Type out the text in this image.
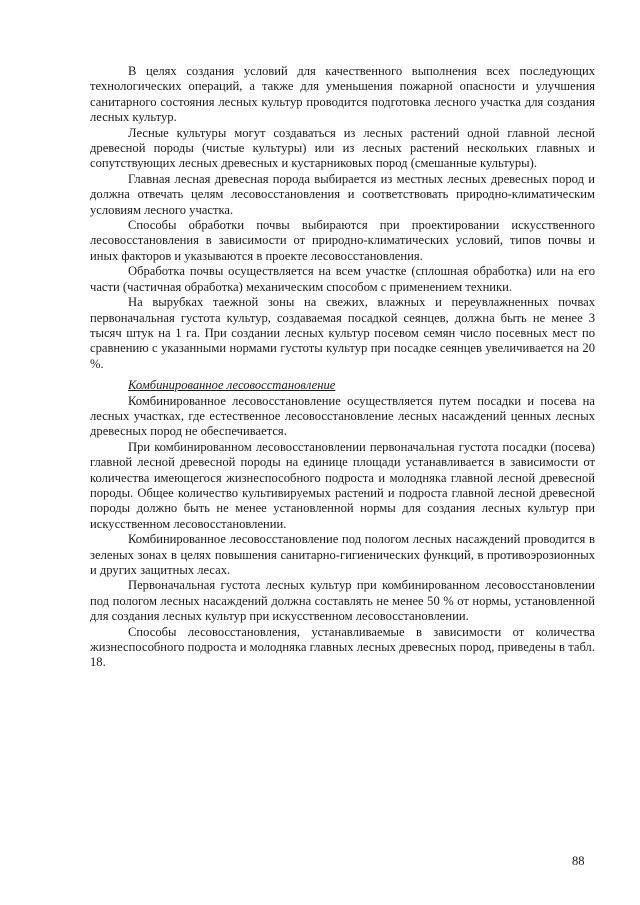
В целях создания условий для качественного выполнения всех последующих технологических операций, а также для уменьшения пожарной опасности и улучшения санитарного состояния лесных культур проводится подготовка лесного участка для создания лесных культур.

Лесные культуры могут создаваться из лесных растений одной главной лесной древесной породы (чистые культуры) или из лесных растений нескольких главных и сопутствующих лесных древесных и кустарниковых пород (смешанные культуры).

Главная лесная древесная порода выбирается из местных лесных древесных пород и должна отвечать целям лесовосстановления и соответствовать природно-климатическим условиям лесного участка.

Способы обработки почвы выбираются при проектировании искусственного лесовосстановления в зависимости от природно-климатических условий, типов почвы и иных факторов и указываются в проекте лесовосстановления.

Обработка почвы осуществляется на всем участке (сплошная обработка) или на его части (частичная обработка) механическим способом с применением техники.

На вырубках таежной зоны на свежих, влажных и переувлажненных почвах первоначальная густота культур, создаваемая посадкой сеянцев, должна быть не менее 3 тысяч штук на 1 га. При создании лесных культур посевом семян число посевных мест по сравнению с указанными нормами густоты культур при посадке сеянцев увеличивается на 20 %.

Комбинированное лесовосстановление

Комбинированное лесовосстановление осуществляется путем посадки и посева на лесных участках, где естественное лесовосстановление лесных насаждений ценных лесных древесных пород не обеспечивается.

При комбинированном лесовосстановлении первоначальная густота посадки (посева) главной лесной древесной породы на единице площади устанавливается в зависимости от количества имеющегося жизнеспособного подроста и молодняка главной лесной древесной породы. Общее количество культивируемых растений и подроста главной лесной древесной породы должно быть не менее установленной нормы для создания лесных культур при искусственном лесовосстановлении.

Комбинированное лесовосстановление под пологом лесных насаждений проводится в зеленых зонах в целях повышения санитарно-гигиенических функций, в противоэрозионных и других защитных лесах.

Первоначальная густота лесных культур при комбинированном лесовосстановлении под пологом лесных насаждений должна составлять не менее 50 % от нормы, установленной для создания лесных культур при искусственном лесовосстановлении.

Способы лесовосстановления, устанавливаемые в зависимости от количества жизнеспособного подроста и молодняка главных лесных древесных пород, приведены в табл. 18.

88
